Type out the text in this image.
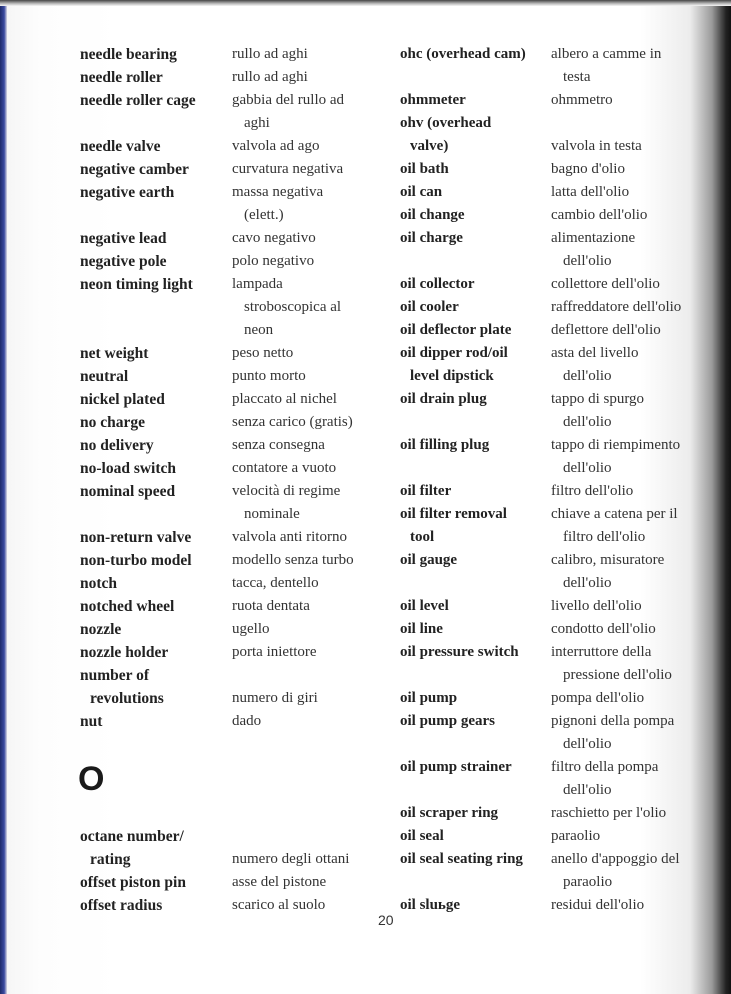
needle bearing
needle roller
needle roller cage
needle valve
negative camber
negative earth
negative lead
negative pole
neon timing light
net weight
neutral
nickel plated
no charge
no delivery
no-load switch
nominal speed
non-return valve
non-turbo model
notch
notched wheel
nozzle
nozzle holder
number of
revolutions
nut
octane number/
rating
offset piston pin
offset radius
rullo ad aghi
rullo ad aghi
gabbia del rullo ad
aghi
valvola ad ago
curvatura negativa
massa negativa
(elett.)
cavo negativo
polo negativo
lampada
stroboscopica al
neon
peso netto
punto morto
placcato al nichel
senza carico (gratis)
senza consegna
contatore a vuoto
velocità di regime
nominale
valvola anti ritorno
modello senza turbo
tacca, dentello
ruota dentata
ugello
porta iniettore
numero di giri
dado
numero degli ottani
asse del pistone
scarico al suolo
ohc (overhead cam)
ohmmeter
ohv (overhead
valve)
oil bath
oil can
oil change
oil charge
oil collector
oil cooler
oil deflector plate
oil dipper rod/oil
level dipstick
oil drain plug
oil filling plug
oil filter
oil filter removal
tool
oil gauge
oil level
oil line
oil pressure switch
oil pump
oil pump gears
oil pump strainer
oil scraper ring
oil seal
oil seal seating ring
oil sluьge
albero a camme in
testa
ohmmetro
valvola in testa
bagno d'olio
latta dell'olio
cambio dell'olio
alimentazione
dell'olio
collettore dell'olio
raffreddatore dell'olio
deflettore dell'olio
asta del livello
dell'olio
tappo di spurgo
dell'olio
tappo di riempimento
dell'olio
filtro dell'olio
chiave a catena per il
filtro dell'olio
calibro, misuratore
dell'olio
livello dell'olio
condotto dell'olio
interruttore della
pressione dell'olio
pompa dell'olio
pignoni della pompa
dell'olio
filtro della pompa
dell'olio
raschietto per l'olio
paraolio
anello d'appoggio del
paraolio
residui dell'olio
O
20
